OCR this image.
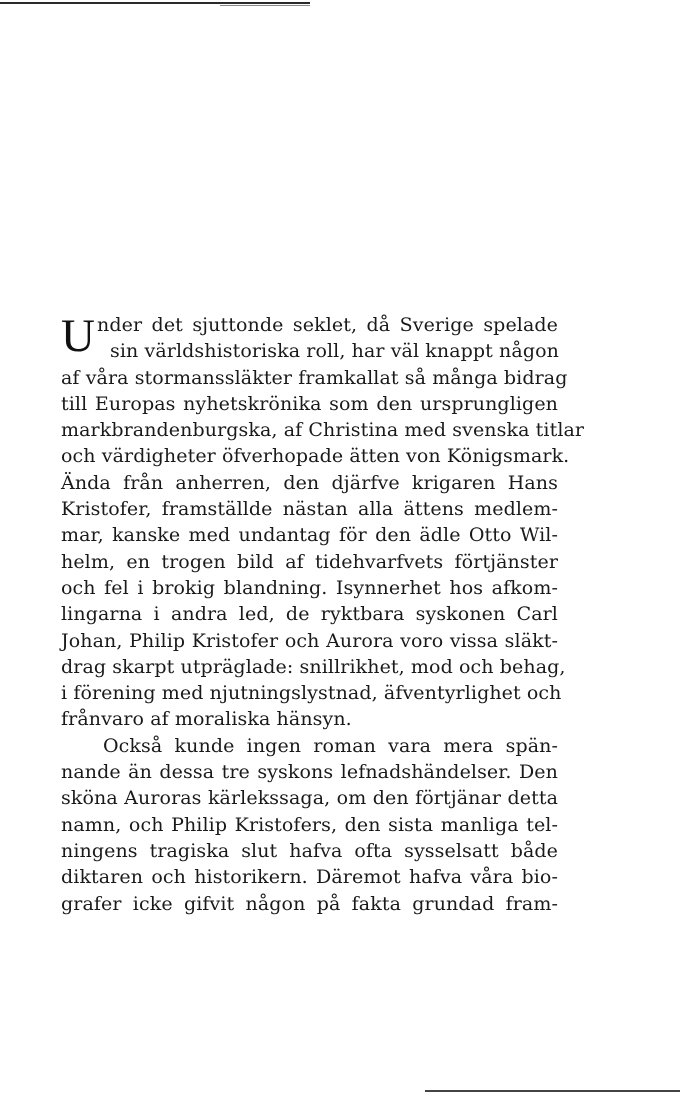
U nder det sjuttonde seklet, då Sverige spelade
sin världshistoriska roll, har väl knappt någon
af våra stormanssläkter framkallat så många bidrag
till Europas nyhetskrönika som den ursprungligen
markbrandenburgska, af Christina med svenska titlar
och värdigheter öfverhopade ätten von Königsmark.
Ända från anherren, den djärfve krigaren Hans
Kristofer, framställde nästan alla ättens medlem-
mar, kanske med undantag för den ädle Otto Wil-
helm, en trogen bild af tidehvarfvets förtjänster
och fel i brokig blandning. Isynnerhet hos afkom-
lingarna i andra led, de ryktbara syskonen Carl
Johan, Philip Kristofer och Aurora voro vissa släkt-
drag skarpt utpräglade: snillrikhet, mod och behag,
i förening med njutningslystnad, äfventyrlighet och
frånvaro af moraliska hänsyn.
Också kunde ingen roman vara mera spän-
nande än dessa tre syskons lefnadshändelser. Den
sköna Auroras kärlekssaga, om den förtjänar detta
namn, och Philip Kristofers, den sista manliga tel-
ningens tragiska slut hafva ofta sysselsatt både
diktaren och historikern. Däremot hafva våra bio-
grafer icke gifvit någon på fakta grundad fram-
